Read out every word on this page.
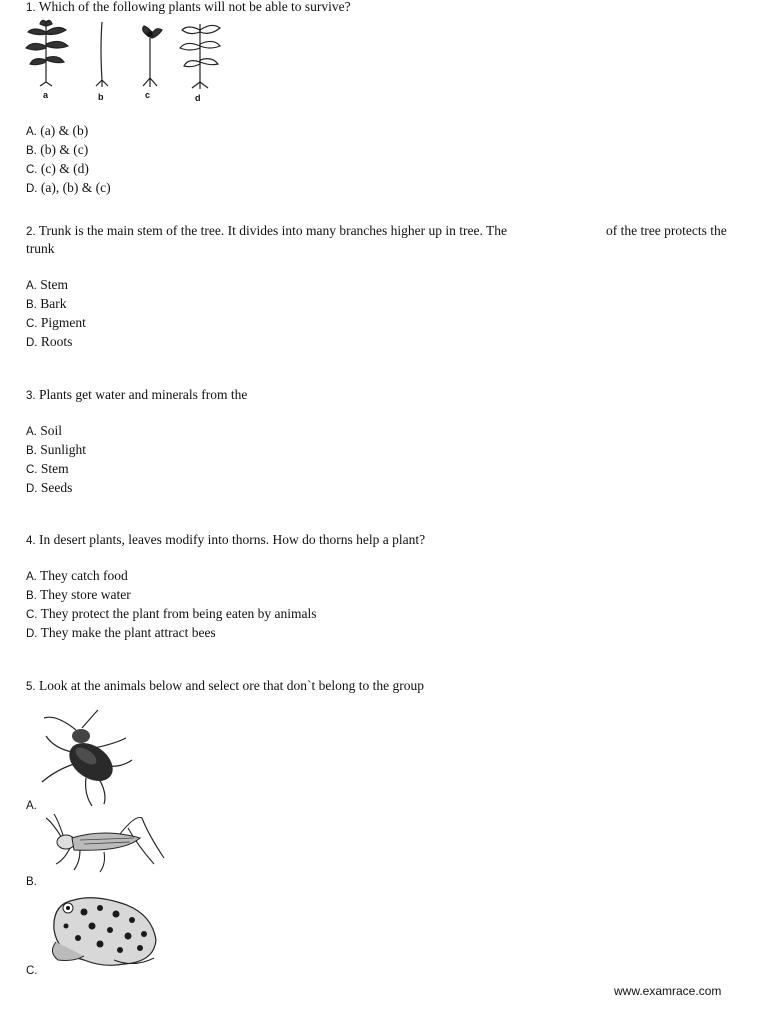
1. Which of the following plants will not be able to survive?
a	b	c	d
A. (a) & (b)
B. (b) & (c)
C. (c) & (d)
D. (a), (b) & (c)
2. Trunk is the main stem of the tree. It divides into many branches higher up in tree. The	of the tree protects the
trunk
A. Stem
B. Bark
C. Pigment
D. Roots
3. Plants get water and minerals from the
A. Soil
B. Sunlight
C. Stem
D. Seeds
4. In desert plants, leaves modify into thorns. How do thorns help a plant?
A. They catch food
B. They store water
C. They protect the plant from being eaten by animals
D. They make the plant attract bees
5. Look at the animals below and select ore that don`t belong to the group
A.
B.
C.
www.examrace.com
